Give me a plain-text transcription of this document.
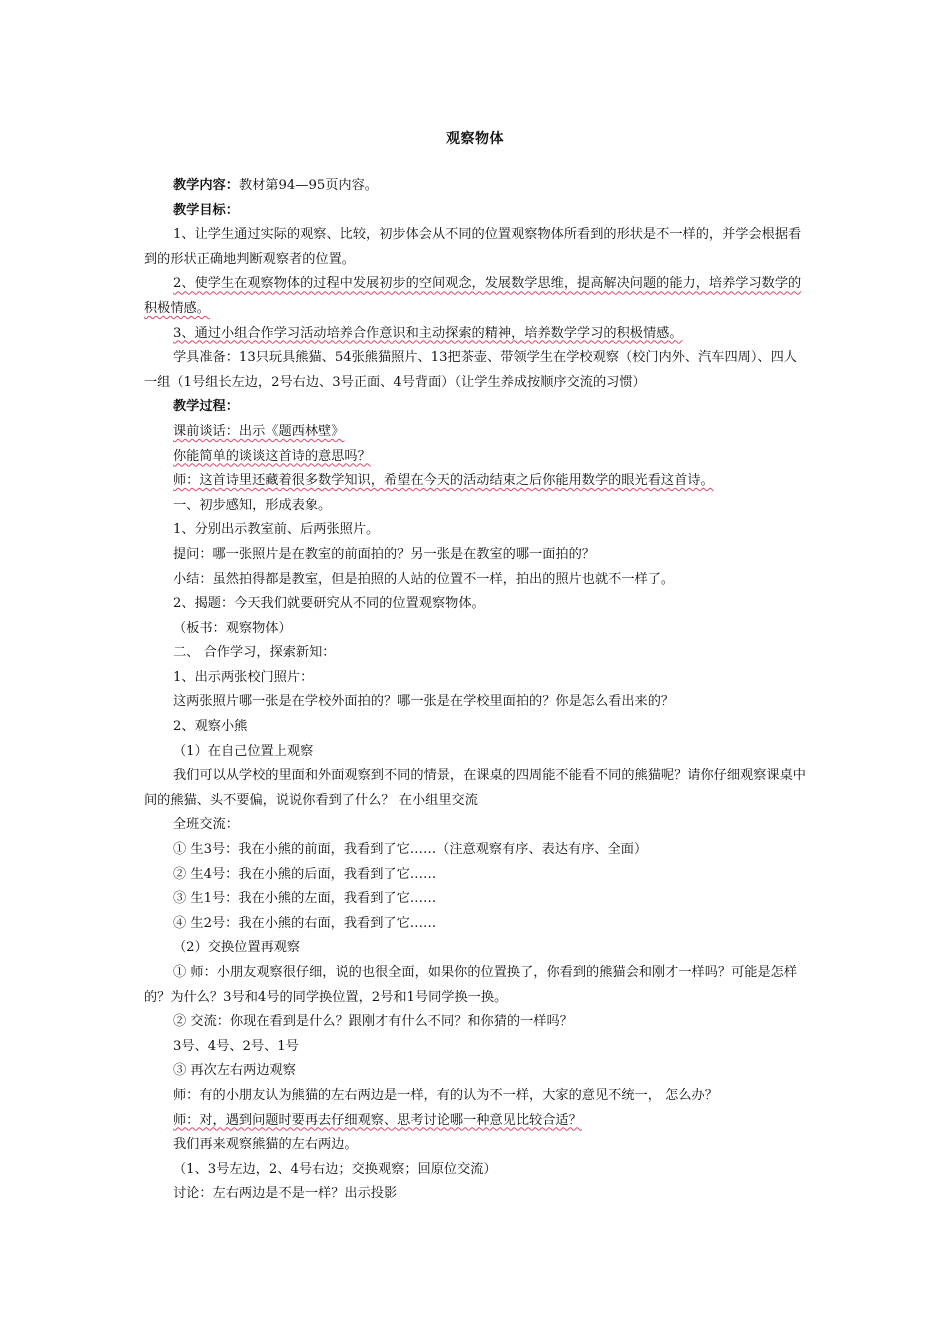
观察物体

教学内容：教材第94—95页内容。

教学目标：

1、让学生通过实际的观察、比较，初步体会从不同的位置观察物体所看到的形状是不一样的，并学会根据看到的形状正确地判断观察者的位置。

2、使学生在观察物体的过程中发展初步的空间观念，发展数学思维，提高解决问题的能力，培养学习数学的积极情感。

3、通过小组合作学习活动培养合作意识和主动探索的精神，培养数学学习的积极情感。

学具准备：13只玩具熊猫、54张熊猫照片、13把茶壶、带领学生在学校观察（校门内外、汽车四周）、四人一组（1号组长左边，2号右边、3号正面、4号背面）（让学生养成按顺序交流的习惯）

教学过程：

课前谈话：出示《题西林壁》

你能简单的谈谈这首诗的意思吗？

师：这首诗里还藏着很多数学知识，希望在今天的活动结束之后你能用数学的眼光看这首诗。

一、初步感知，形成表象。

1、分别出示教室前、后两张照片。

提问：哪一张照片是在教室的前面拍的？另一张是在教室的哪一面拍的？

小结：虽然拍得都是教室，但是拍照的人站的位置不一样，拍出的照片也就不一样了。

2、揭题：今天我们就要研究从不同的位置观察物体。

（板书：观察物体）

二、 合作学习，探索新知：

1、出示两张校门照片：

这两张照片哪一张是在学校外面拍的？哪一张是在学校里面拍的？你是怎么看出来的？

2、观察小熊

（1）在自己位置上观察

我们可以从学校的里面和外面观察到不同的情景，在课桌的四周能不能看不同的熊猫呢？请你仔细观察课桌中间的熊猫、头不要偏，说说你看到了什么？ 在小组里交流

全班交流：

① 生3号：我在小熊的前面，我看到了它……（注意观察有序、表达有序、全面）

② 生4号：我在小熊的后面，我看到了它……

③ 生1号：我在小熊的左面，我看到了它……

④ 生2号：我在小熊的右面，我看到了它……

（2）交换位置再观察

① 师：小朋友观察很仔细，说的也很全面，如果你的位置换了，你看到的熊猫会和刚才一样吗？可能是怎样的？为什么？3号和4号的同学换位置，2号和1号同学换一换。

② 交流：你现在看到是什么？跟刚才有什么不同？和你猜的一样吗？

3号、4号、2号、1号

③ 再次左右两边观察

师：有的小朋友认为熊猫的左右两边是一样，有的认为不一样，大家的意见不统一， 怎么办？

师：对，遇到问题时要再去仔细观察、思考讨论哪一种意见比较合适？

我们再来观察熊猫的左右两边。

（1、3号左边，2、4号右边；交换观察；回原位交流）

讨论：左右两边是不是一样？出示投影
